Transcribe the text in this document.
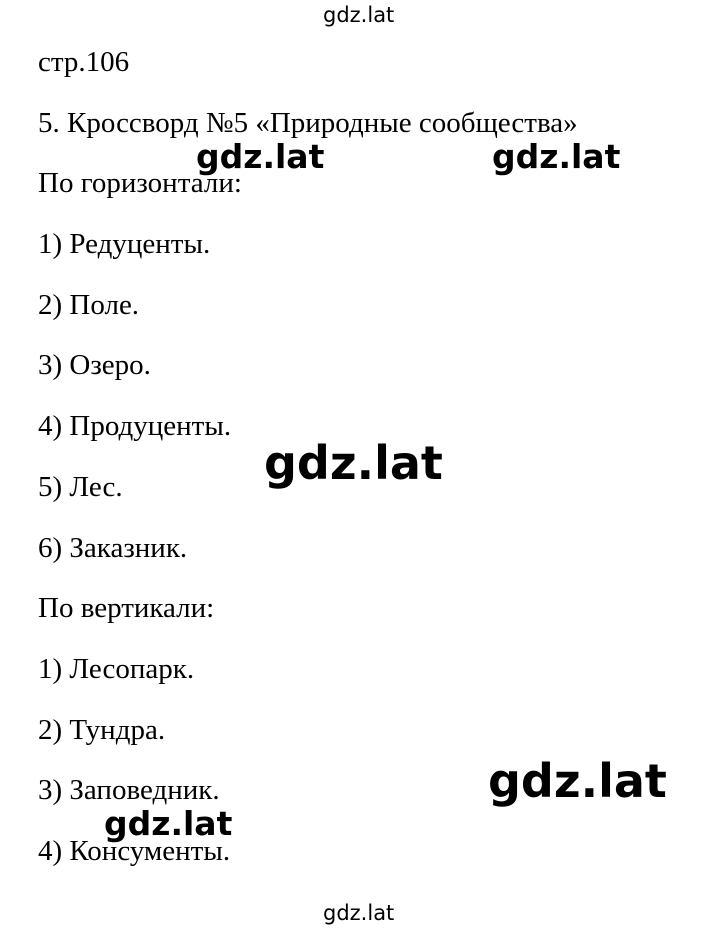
стр.106
5. Кроссворд №5 «Природные сообщества»
По горизонтали:
1) Редуценты.
2) Поле.
3) Озеро.
4) Продуценты.
5) Лес.
6) Заказник.
По вертикали:
1) Лесопарк.
2) Тундра.
3) Заповедник.
4) Консументы.
gdz.lat
gdz.lat	gdz.lat
gdz.lat
gdz.lat
gdz.lat
gdz.lat
